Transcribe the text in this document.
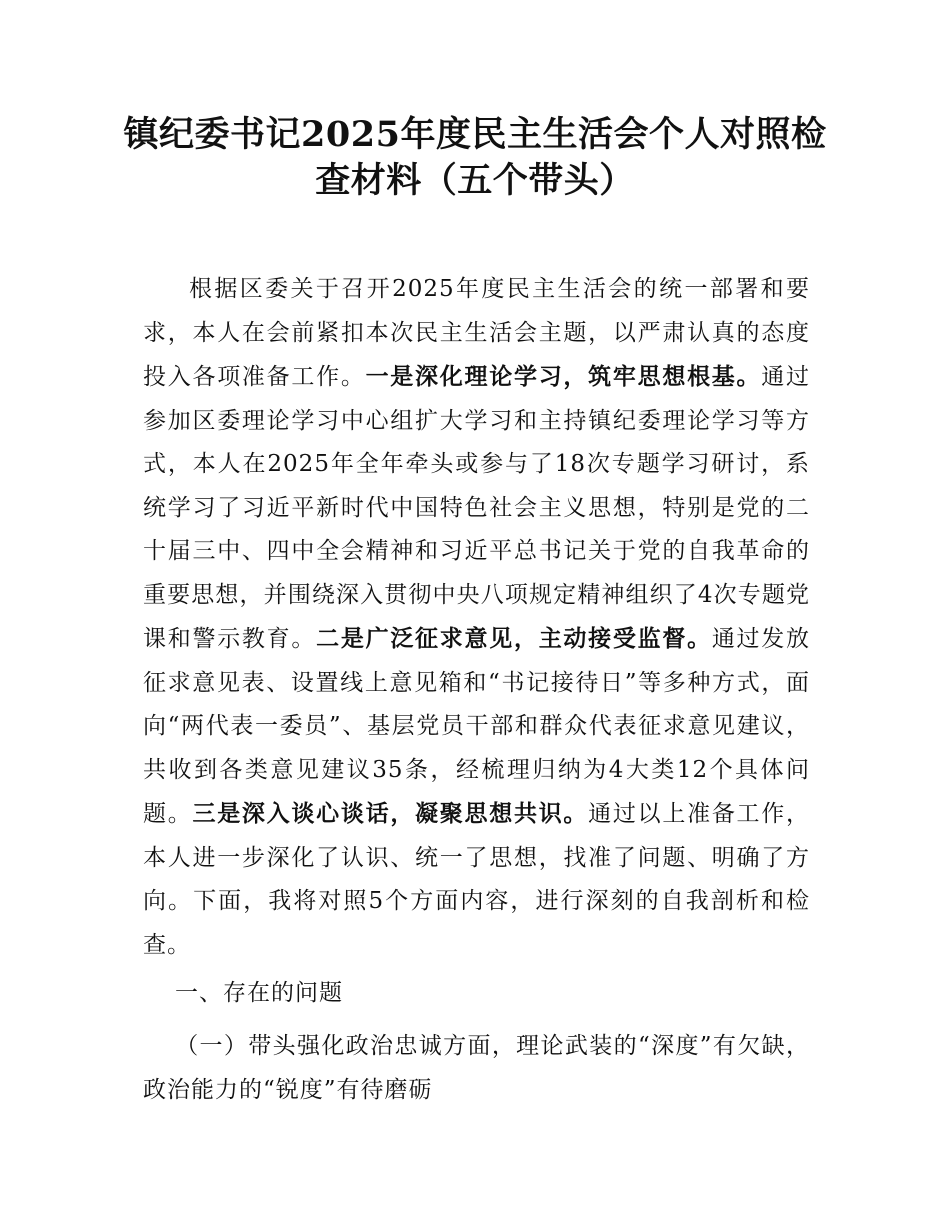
镇纪委书记2025年度民主生活会个人对照检
查材料（五个带头）

根据区委关于召开2025年度民主生活会的统一部署和要求，本人在会前紧扣本次民主生活会主题，以严肃认真的态度投入各项准备工作。一是深化理论学习，筑牢思想根基。通过参加区委理论学习中心组扩大学习和主持镇纪委理论学习等方式，本人在2025年全年牵头或参与了18次专题学习研讨，系统学习了习近平新时代中国特色社会主义思想，特别是党的二十届三中、四中全会精神和习近平总书记关于党的自我革命的重要思想，并围绕深入贯彻中央八项规定精神组织了4次专题党课和警示教育。二是广泛征求意见，主动接受监督。通过发放征求意见表、设置线上意见箱和“书记接待日”等多种方式，面向“两代表一委员”、基层党员干部和群众代表征求意见建议，共收到各类意见建议35条，经梳理归纳为4大类12个具体问题。三是深入谈心谈话，凝聚思想共识。通过以上准备工作，本人进一步深化了认识、统一了思想，找准了问题、明确了方向。下面，我将对照5个方面内容，进行深刻的自我剖析和检查。

一、存在的问题
（一）带头强化政治忠诚方面，理论武装的“深度”有欠缺，政治能力的“锐度”有待磨砺
